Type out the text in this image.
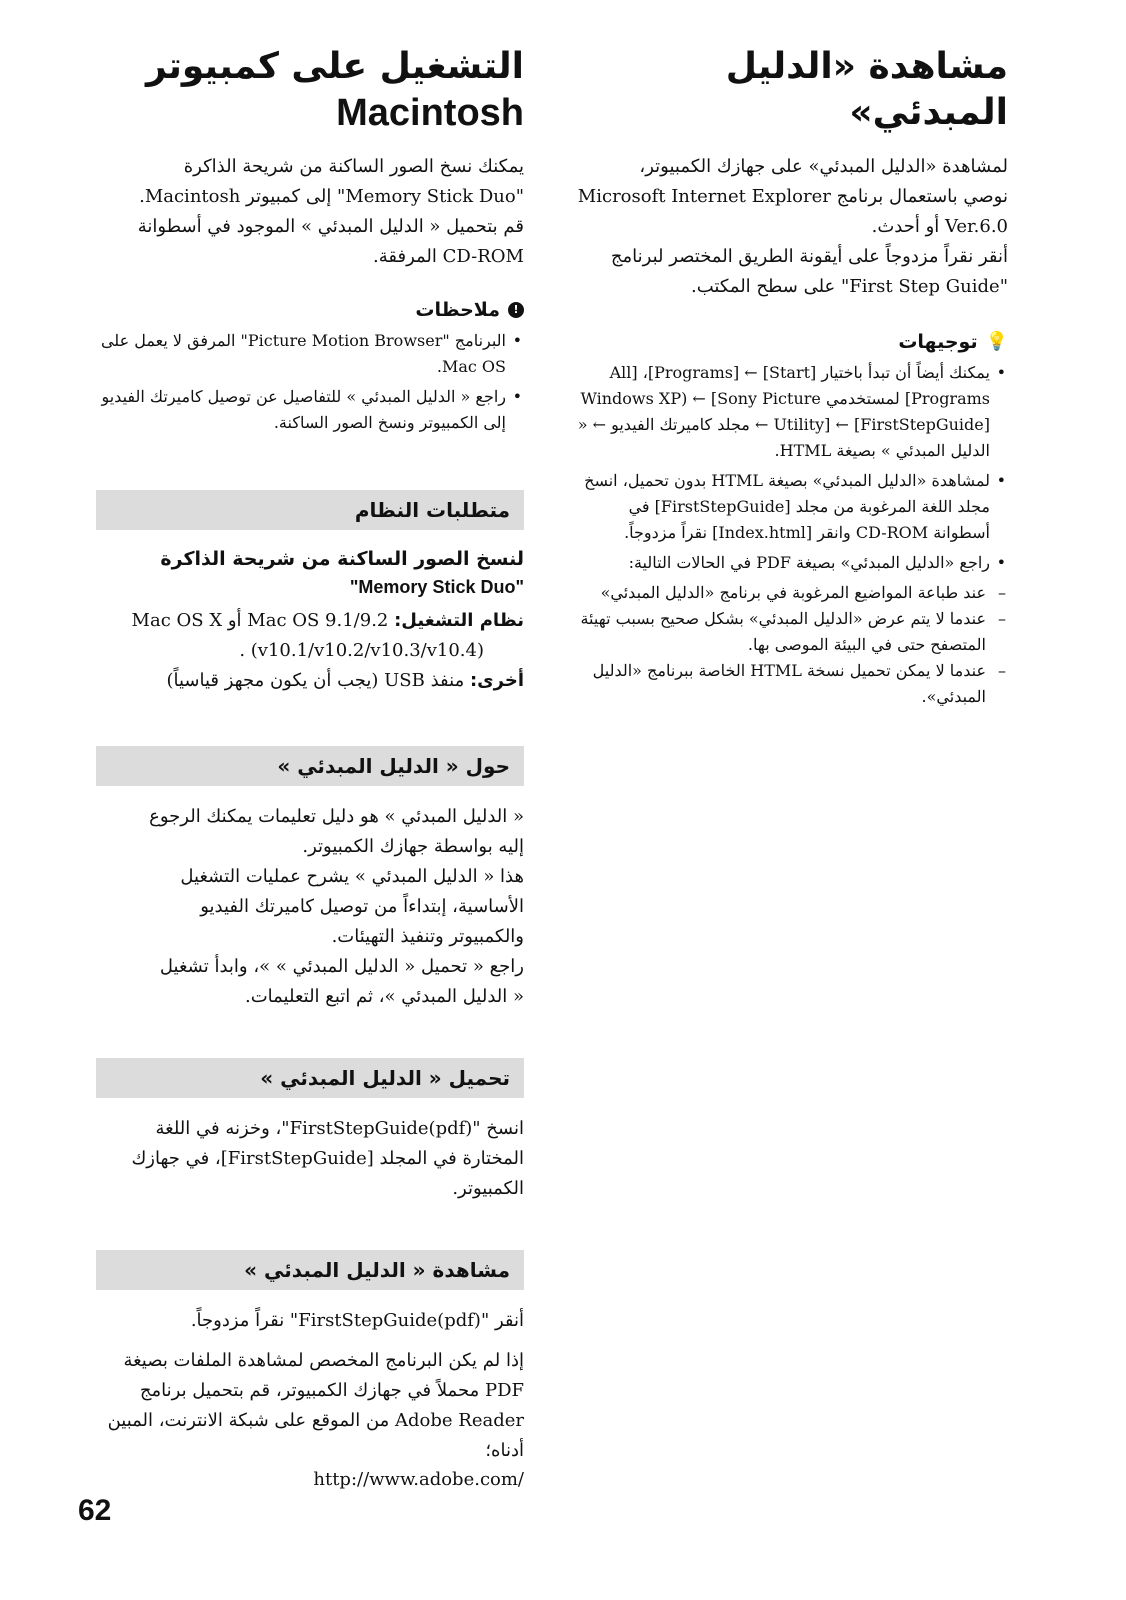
مشاهدة «الدليل المبدئي»

لمشاهدة «الدليل المبدئي» على جهازك الكمبيوتر،

نوصي باستعمال برنامج Microsoft Internet Explorer

Ver.6.0 أو أحدث.

أنقر نقراً مزدوجاً على أيقونة الطريق المختصر لبرنامج

"First Step Guide" على سطح المكتب.

💡
توجيهات
• يمكنك أيضاً أن تبدأ باختيار [Start] ← [Programs]، [All Programs] لمستخدمي Windows XP) ← [Sony Picture Utility] ← [FirstStepGuide] ← مجلد كاميرتك الفيديو ← « الدليل المبدئي » بصيغة HTML.
• لمشاهدة «الدليل المبدئي» بصيغة HTML بدون تحميل، انسخ مجلد اللغة المرغوبة من مجلد [FirstStepGuide] في أسطوانة CD-ROM وانقر [Index.html] نقراً مزدوجاً.
• راجع «الدليل المبدئي» بصيغة PDF في الحالات التالية:
– عند طباعة المواضيع المرغوبة في برنامج «الدليل المبدئي»
– عندما لا يتم عرض «الدليل المبدئي» بشكل صحيح بسبب تهيئة المتصفح حتى في البيئة الموصى بها.
– عندما لا يمكن تحميل نسخة HTML الخاصة ببرنامج «الدليل المبدئي».
التشغيل على كمبيوتر
Macintosh

يمكنك نسخ الصور الساكنة من شريحة الذاكرة

"Memory Stick Duo" إلى كمبيوتر Macintosh.

قم بتحميل « الدليل المبدئي » الموجود في أسطوانة

CD-ROM المرفقة.

!
ملاحظات
• البرنامج "Picture Motion Browser" المرفق لا يعمل على Mac OS.
• راجع « الدليل المبدئي » للتفاصيل عن توصيل كاميرتك الفيديو إلى الكمبيوتر ونسخ الصور الساكنة.
متطلبات النظام

لنسخ الصور الساكنة من شريحة الذاكرة

"Memory Stick Duo"

نظام التشغيل: Mac OS 9.1/9.2 أو Mac OS X

(v10.1/v10.2/v10.3/v10.4) .

أخرى: منفذ USB (يجب أن يكون مجهز قياسياً)

حول « الدليل المبدئي »

« الدليل المبدئي » هو دليل تعليمات يمكنك الرجوع

إليه بواسطة جهازك الكمبيوتر.

هذا « الدليل المبدئي » يشرح عمليات التشغيل

الأساسية، إبتداءاً من توصيل كاميرتك الفيديو

والكمبيوتر وتنفيذ التهيئات.

راجع « تحميل « الدليل المبدئي » »، وابدأ تشغيل

« الدليل المبدئي »، ثم اتبع التعليمات.

تحميل « الدليل المبدئي »

انسخ "FirstStepGuide(pdf)"، وخزنه في اللغة

المختارة في المجلد [FirstStepGuide]، في جهازك

الكمبيوتر.

مشاهدة « الدليل المبدئي »

أنقر "FirstStepGuide(pdf)" نقراً مزدوجاً.

إذا لم يكن البرنامج المخصص لمشاهدة الملفات بصيغة

PDF محملاً في جهازك الكمبيوتر، قم بتحميل برنامج

Adobe Reader من الموقع على شبكة الانترنت، المبين

أدناه؛

http://www.adobe.com/

62
